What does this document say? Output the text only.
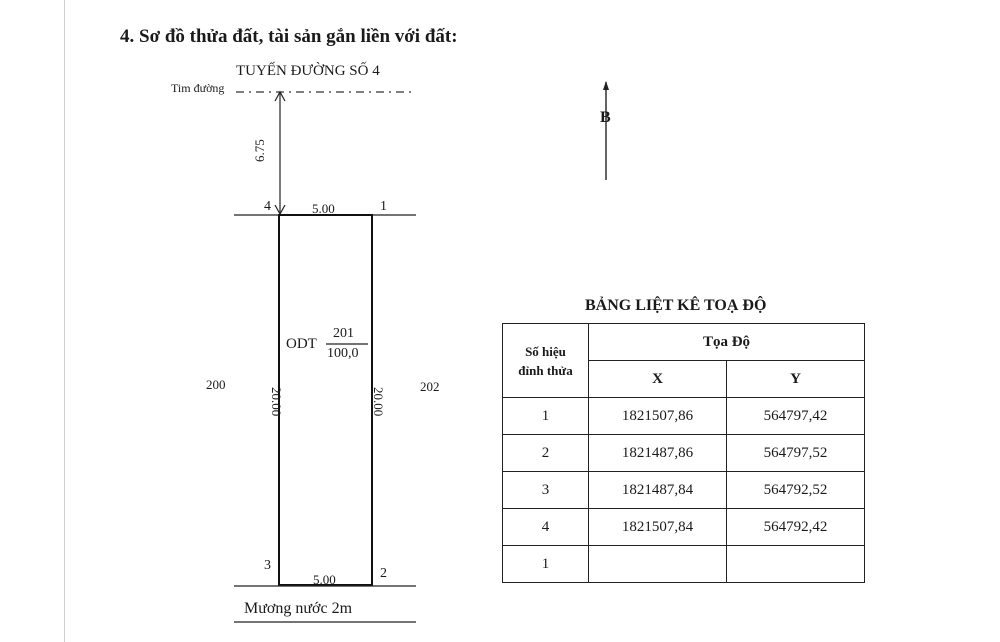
4. Sơ đồ thửa đất, tài sản gắn liền với đất:
TUYẾN ĐƯỜNG SỐ 4
Tim đường
B
6.75
4	5.00	1
ODT
201
100,0
200	202
20.00	20.00
3
5.00	2
Mương nước 2m
BẢNG LIỆT KÊ TOẠ ĐỘ
Số hiệu
đỉnh thửa	Tọa Độ	
	X	Y
1	1821507,86	564797,42
2	1821487,86	564797,52
3	1821487,84	564792,52
4	1821507,84	564792,42
1		
